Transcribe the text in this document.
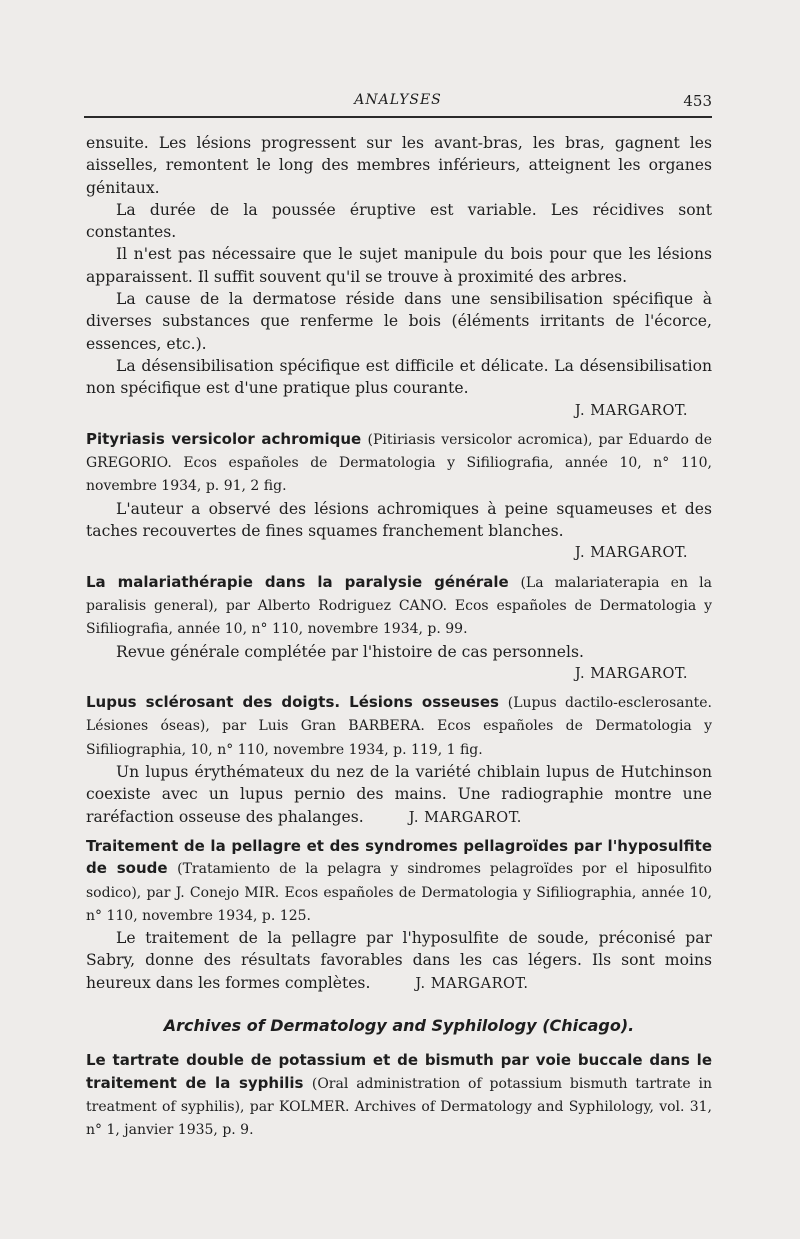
ANALYSES	453

ensuite. Les lésions progressent sur les avant-bras, les bras, gagnent les aisselles, remontent le long des membres inférieurs, atteignent les organes génitaux.

La durée de la poussée éruptive est variable. Les récidives sont constantes.

Il n'est pas nécessaire que le sujet manipule du bois pour que les lésions apparaissent. Il suffit souvent qu'il se trouve à proximité des arbres.

La cause de la dermatose réside dans une sensibilisation spécifique à diverses substances que renferme le bois (éléments irritants de l'écorce, essences, etc.).

La désensibilisation spécifique est difficile et délicate. La désensibilisation non spécifique est d'une pratique plus courante.

J. MARGAROT.

Pityriasis versicolor achromique (Pitiriasis versicolor acromica), par Eduardo de GREGORIO. Ecos españoles de Dermatologia y Sifiliografia, année 10, n° 110, novembre 1934, p. 91, 2 fig.

L'auteur a observé des lésions achromiques à peine squameuses et des taches recouvertes de fines squames franchement blanches.

J. MARGAROT.

La malariathérapie dans la paralysie générale (La malariaterapia en la paralisis general), par Alberto Rodriguez CANO. Ecos españoles de Dermatologia y Sifiliografia, année 10, n° 110, novembre 1934, p. 99.

Revue générale complétée par l'histoire de cas personnels.

J. MARGAROT.

Lupus sclérosant des doigts. Lésions osseuses (Lupus dactilo-esclerosante. Lésiones óseas), par Luis Gran BARBERA. Ecos españoles de Dermatologia y Sifiliographia, 10, n° 110, novembre 1934, p. 119, 1 fig.

Un lupus érythémateux du nez de la variété chiblain lupus de Hutchinson coexiste avec un lupus pernio des mains. Une radiographie montre une raréfaction osseuse des phalanges.	J. MARGAROT.

Traitement de la pellagre et des syndromes pellagroïdes par l'hyposulfite de soude (Tratamiento de la pelagra y sindromes pelagroïdes por el hiposulfito sodico), par J. Conejo MIR. Ecos españoles de Dermatologia y Sifiliographia, année 10, n° 110, novembre 1934, p. 125.

Le traitement de la pellagre par l'hyposulfite de soude, préconisé par Sabry, donne des résultats favorables dans les cas légers. Ils sont moins heureux dans les formes complètes.	J. MARGAROT.

Archives of Dermatology and Syphilology (Chicago).

Le tartrate double de potassium et de bismuth par voie buccale dans le traitement de la syphilis (Oral administration of potassium bismuth tartrate in treatment of syphilis), par KOLMER. Archives of Dermatology and Syphilology, vol. 31, n° 1, janvier 1935, p. 9.
